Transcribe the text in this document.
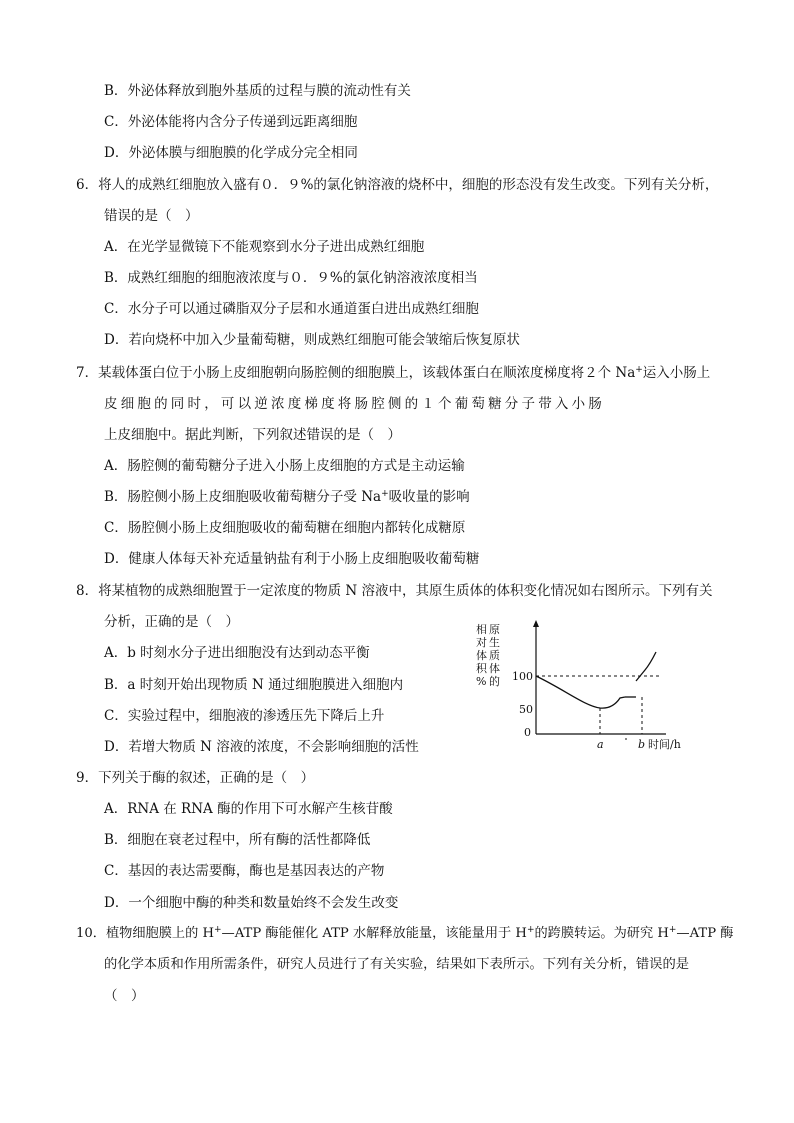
B．外泌体释放到胞外基质的过程与膜的流动性有关
C．外泌体能将内含分子传递到远距离细胞
D．外泌体膜与细胞膜的化学成分完全相同
6．将人的成熟红细胞放入盛有０．９%的氯化钠溶液的烧杯中，细胞的形态没有发生改变。下列有关分析，
错误的是（　）
A．在光学显微镜下不能观察到水分子进出成熟红细胞
B．成熟红细胞的细胞液浓度与０．９%的氯化钠溶液浓度相当
C．水分子可以通过磷脂双分子层和水通道蛋白进出成熟红细胞
D．若向烧杯中加入少量葡萄糖，则成熟红细胞可能会皱缩后恢复原状
7．某载体蛋白位于小肠上皮细胞朝向肠腔侧的细胞膜上，该载体蛋白在顺浓度梯度将２个 Na+运入小肠上
皮细胞的同时，可以逆浓度梯度将肠腔侧的１个葡萄糖分子带入小肠
上皮细胞中。据此判断，下列叙述错误的是（　）
A．肠腔侧的葡萄糖分子进入小肠上皮细胞的方式是主动运输
B．肠腔侧小肠上皮细胞吸收葡萄糖分子受 Na+吸收量的影响
C．肠腔侧小肠上皮细胞吸收的葡萄糖在细胞内都转化成糖原
D．健康人体每天补充适量钠盐有利于小肠上皮细胞吸收葡萄糖
8．将某植物的成熟细胞置于一定浓度的物质 N 溶液中，其原生质体的体积变化情况如右图所示。下列有关
分析，正确的是（　）
A．b 时刻水分子进出细胞没有达到动态平衡
B．a 时刻开始出现物质 N 通过细胞膜进入细胞内
C．实验过程中，细胞液的渗透压先下降后上升
D．若增大物质 N 溶液的浓度，不会影响细胞的活性
相
对
体
积
%
原
生
质
体
的 100
50
0
a	b 时间/h
9．下列关于酶的叙述，正确的是（　）
A．RNA 在 RNA 酶的作用下可水解产生核苷酸
B．细胞在衰老过程中，所有酶的活性都降低
C．基因的表达需要酶，酶也是基因表达的产物
D．一个细胞中酶的种类和数量始终不会发生改变
10．植物细胞膜上的 H+—ATP 酶能催化 ATP 水解释放能量，该能量用于 H+的跨膜转运。为研究 H+—ATP 酶
的化学本质和作用所需条件，研究人员进行了有关实验，结果如下表所示。下列有关分析，错误的是
（　）
